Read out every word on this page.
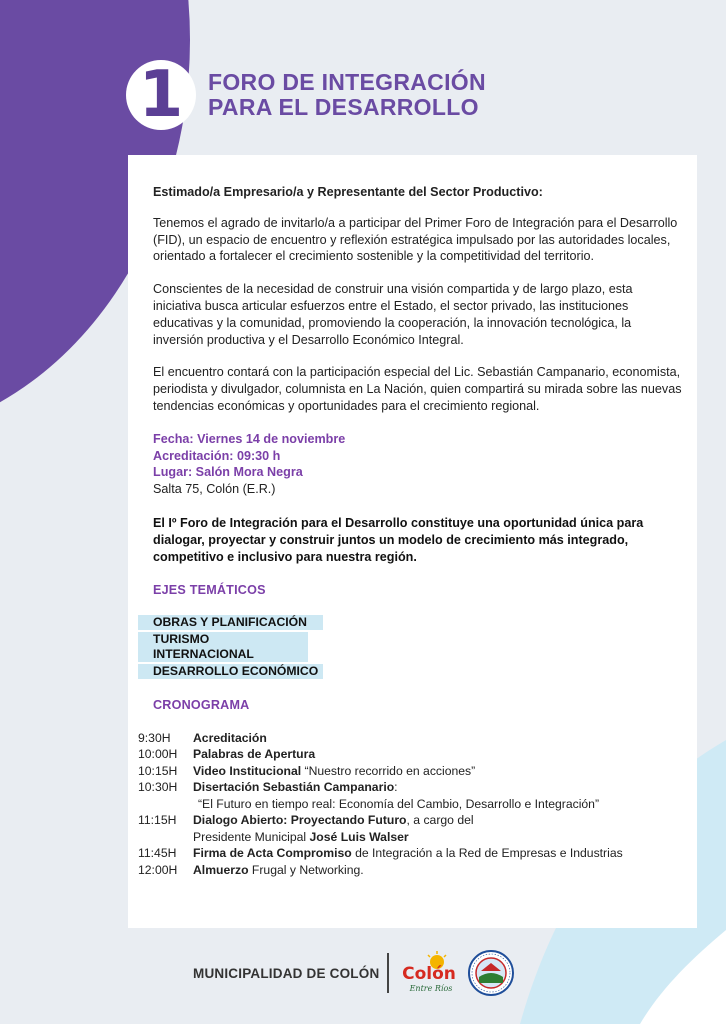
1	FORO DE INTEGRACIÓN
PARA EL DESARROLLO

Estimado/a Empresario/a y Representante del Sector Productivo:

Tenemos el agrado de invitarlo/a a participar del Primer Foro de Integración para el Desarrollo (FID), un espacio de encuentro y reflexión estratégica impulsado por las autoridades locales, orientado a fortalecer el crecimiento sostenible y la competitividad del territorio.

Conscientes de la necesidad de construir una visión compartida y de largo plazo, esta iniciativa busca articular esfuerzos entre el Estado, el sector privado, las instituciones educativas y la comunidad, promoviendo la cooperación, la innovación tecnológica, la inversión productiva y el Desarrollo Económico Integral.

El encuentro contará con la participación especial del Lic. Sebastián Campanario, economista, periodista y divulgador, columnista en La Nación, quien compartirá su mirada sobre las nuevas tendencias económicas y oportunidades para el crecimiento regional.

Fecha: Viernes 14 de noviembre
Acreditación: 09:30 h
Lugar: Salón Mora Negra
Salta 75, Colón (E.R.)

El Iº Foro de Integración para el Desarrollo constituye una oportunidad única para dialogar, proyectar y construir juntos un modelo de crecimiento más integrado, competitivo e inclusivo para nuestra región.

EJES TEMÁTICOS
OBRAS Y PLANIFICACIÓN
TURISMO INTERNACIONAL
DESARROLLO ECONÓMICO
CRONOGRAMA
9:30H	Acreditación
10:00H	Palabras de Apertura
10:15H	Video Institucional “Nuestro recorrido en acciones”
10:30H	Disertación Sebastián Campanario:
“El Futuro en tiempo real: Economía del Cambio, Desarrollo e Integración”
11:15H	Dialogo Abierto: Proyectando Futuro, a cargo del
Presidente Municipal José Luis Walser
11:45H	Firma de Acta Compromiso de Integración a la Red de Empresas e Industrias
12:00H	Almuerzo Frugal y Networking.
MUNICIPALIDAD DE COLÓN Colón
Entre Ríos
